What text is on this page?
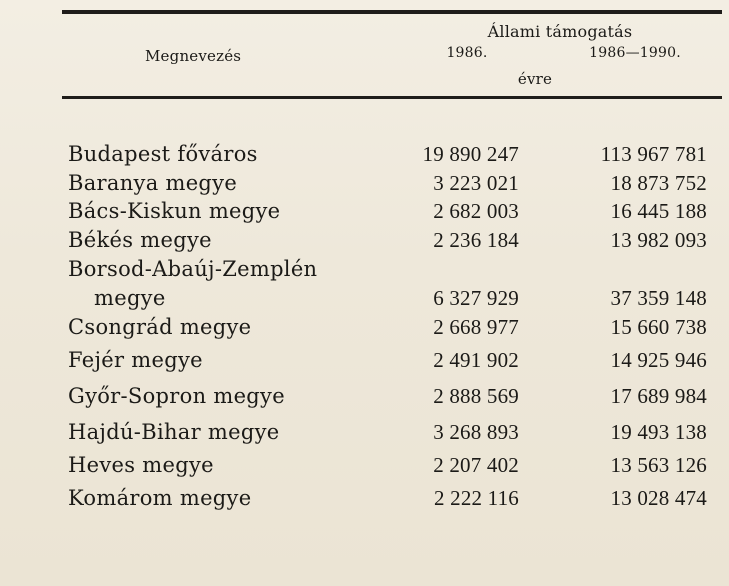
Megnevezés
Állami támogatás
1986.	1986—1990.
évre
Budapest főváros	19 890 247	113 967 781
Baranya megye	3 223 021	18 873 752
Bács-Kiskun megye	2 682 003	16 445 188
Békés megye	2 236 184	13 982 093
Borsod-Abaúj-Zemplén
megye	6 327 929	37 359 148
Csongrád megye	2 668 977	15 660 738
Fejér megye	2 491 902	14 925 946
Győr-Sopron megye	2 888 569	17 689 984
Hajdú-Bihar megye	3 268 893	19 493 138
Heves megye	2 207 402	13 563 126
Komárom megye	2 222 116	13 028 474
